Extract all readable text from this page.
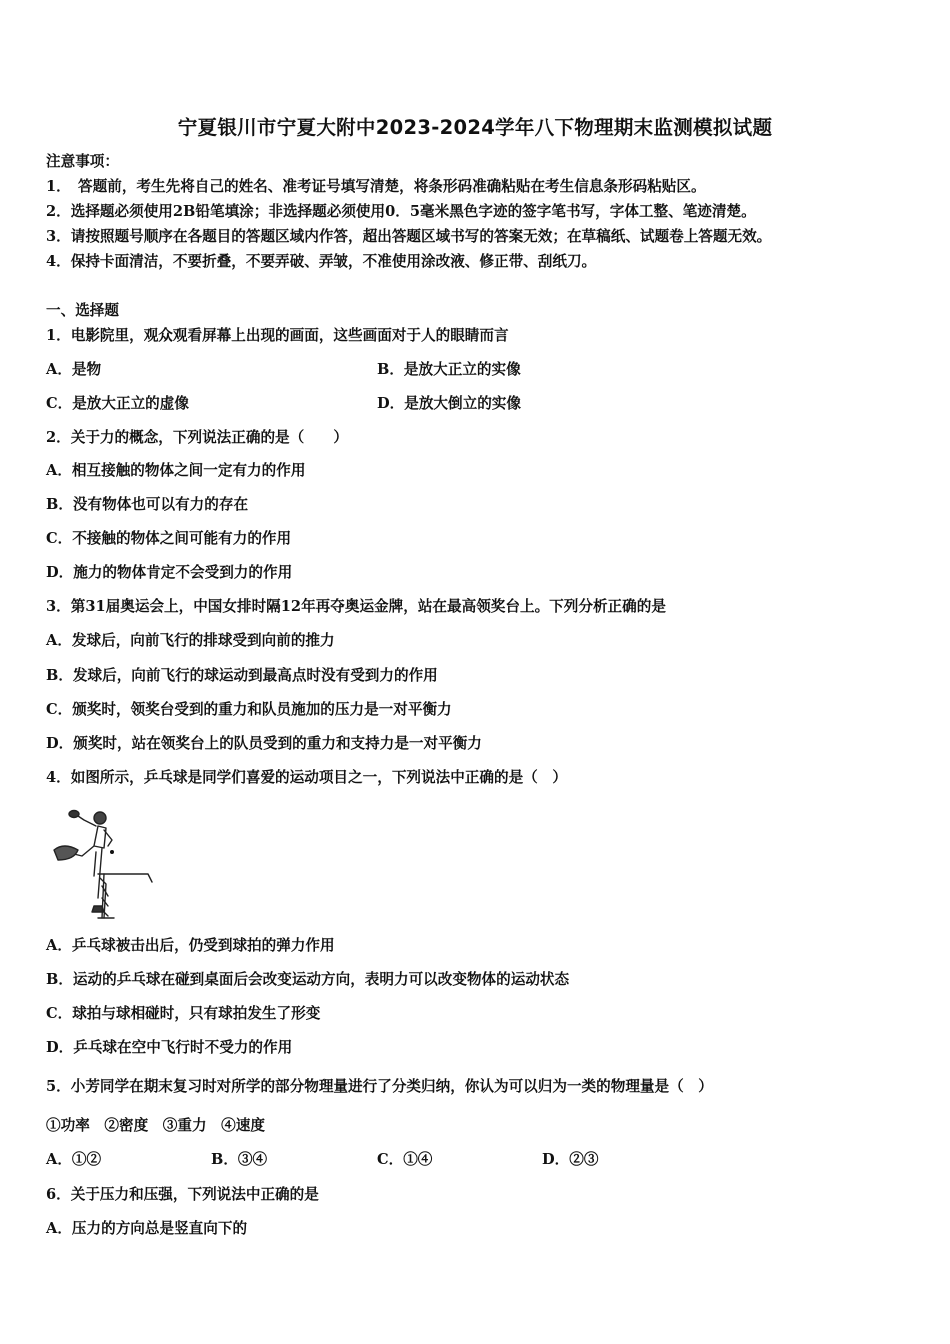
宁夏银川市宁夏大附中2023-2024学年八下物理期末监测模拟试题
注意事项：
1．　答题前，考生先将自己的姓名、准考证号填写清楚，将条形码准确粘贴在考生信息条形码粘贴区。
2．选择题必须使用2B铅笔填涂；非选择题必须使用0．5毫米黑色字迹的签字笔书写，字体工整、笔迹清楚。
3．请按照题号顺序在各题目的答题区域内作答，超出答题区域书写的答案无效；在草稿纸、试题卷上答题无效。
4．保持卡面清洁，不要折叠，不要弄破、弄皱，不准使用涂改液、修正带、刮纸刀。
一、选择题
1．电影院里，观众观看屏幕上出现的画面，这些画面对于人的眼睛而言
A．是物	B．是放大正立的实像
C．是放大正立的虚像	D．是放大倒立的实像
2．关于力的概念，下列说法正确的是（　　）
A．相互接触的物体之间一定有力的作用
B．没有物体也可以有力的存在
C．不接触的物体之间可能有力的作用
D．施力的物体肯定不会受到力的作用
3．第31届奥运会上，中国女排时隔12年再夺奥运金牌，站在最高领奖台上。下列分析正确的是
A．发球后，向前飞行的排球受到向前的推力
B．发球后，向前飞行的球运动到最高点时没有受到力的作用
C．颁奖时，领奖台受到的重力和队员施加的压力是一对平衡力
D．颁奖时，站在领奖台上的队员受到的重力和支持力是一对平衡力
4．如图所示，乒乓球是同学们喜爱的运动项目之一，下列说法中正确的是（　）
A．乒乓球被击出后，仍受到球拍的弹力作用
B．运动的乒乓球在碰到桌面后会改变运动方向，表明力可以改变物体的运动状态
C．球拍与球相碰时，只有球拍发生了形变
D．乒乓球在空中飞行时不受力的作用
5．小芳同学在期末复习时对所学的部分物理量进行了分类归纳，你认为可以归为一类的物理量是（　）
①功率　②密度　③重力　④速度
A．①②	B．③④	C．①④	D．②③
6．关于压力和压强，下列说法中正确的是
A．压力的方向总是竖直向下的
